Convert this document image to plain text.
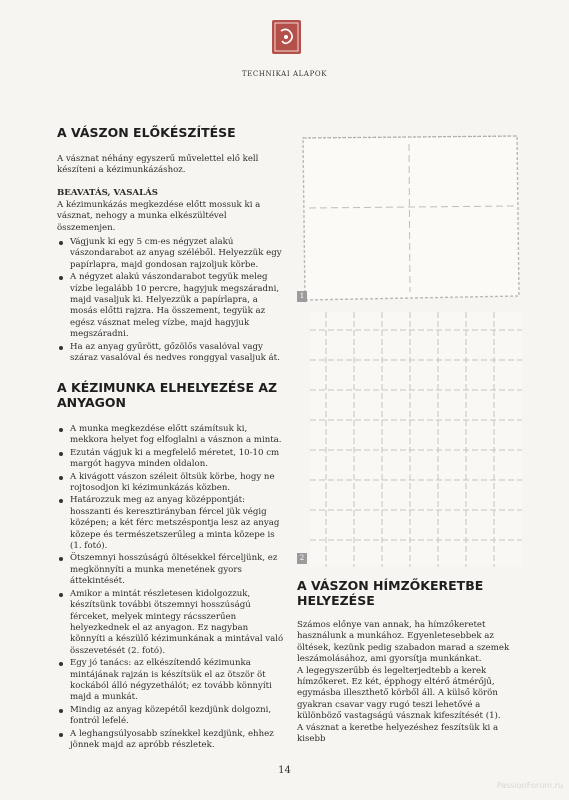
TECHNIKAI ALAPOK
A VÁSZON ELŐKÉSZÍTÉSE

A vásznat néhány egyszerű művelettel elő kell készíteni a kézimunkázáshoz.

BEAVATÁS, VASALÁS

A kézimunkázás megkezdése előtt mossuk ki a vásznat, nehogy a munka elkészültével összemenjen.

Vágjunk ki egy 5 cm-es négyzet alakú vászondarabot az anyag széléből. Helyezzük egy papírlapra, majd gondosan rajzoljuk körbe.
A négyzet alakú vászondarabot tegyük meleg vízbe legalább 10 percre, hagyjuk megszáradni, majd vasaljuk ki. Helyezzük a papírlapra, a mosás előtti rajzra. Ha összement, tegyük az egész vásznat meleg vízbe, majd hagyjuk megszáradni.
Ha az anyag gyűrött, gőzölős vasalóval vagy száraz vasalóval és nedves ronggyal vasaljuk át.
A KÉZIMUNKA ELHELYEZÉSE AZ ANYAGON
A munka megkezdése előtt számítsuk ki, mekkora helyet fog elfoglalni a vásznon a minta.
Ezután vágjuk ki a megfelelő méretet, 10-10 cm margót hagyva minden oldalon.
A kivágott vászon széleit öltsük körbe, hogy ne rojtosodjon ki kézimunkázás közben.
Határozzuk meg az anyag középpontját: hosszanti és keresztirányban fércel jük végig középen; a két férc metszéspontja lesz az anyag közepe és természetszerűleg a minta közepe is (1. fotó).
Ötszemnyi hosszúságú öltésekkel férceljünk, ez megkönnyíti a munka menetének gyors áttekintését.
Amikor a mintát részletesen kidolgozzuk, készítsünk további ötszemnyi hosszúságú férceket, melyek mintegy rácsszerűen helyezkednek el az anyagon. Ez nagyban könnyíti a készülő kézimunkának a mintával való összevetését (2. fotó).
Egy jó tanács: az elkészítendő kézimunka mintájának rajzán is készítsük el az ötször öt kockából álló négyzethálót; ez tovább könnyíti majd a munkát.
Mindig az anyag közepétől kezdjünk dolgozni, fontról lefelé.
A leghangsúlyosabb színekkel kezdjünk, ehhez jönnek majd az apróbb részletek.
1
2
A VÁSZON HÍMZŐKERETBE HELYEZÉSE

Számos előnye van annak, ha hímzőkeretet használunk a munkához. Egyenletesebbek az öltések, kezünk pedig szabadon marad a szemek leszámolásához, ami gyorsítja munkánkat.

A legegyszerűbb és legelterjedtebb a kerek hímzőkeret. Ez két, épphogy eltérő átmérőjű, egymásba illeszthető körből áll. A külső körön gyakran csavar vagy rugó teszi lehetővé a különböző vastagságú vásznak kifeszítését (1).

A vásznat a keretbe helyezéshez feszítsük ki a kisebb

14
PassionForum.ru
